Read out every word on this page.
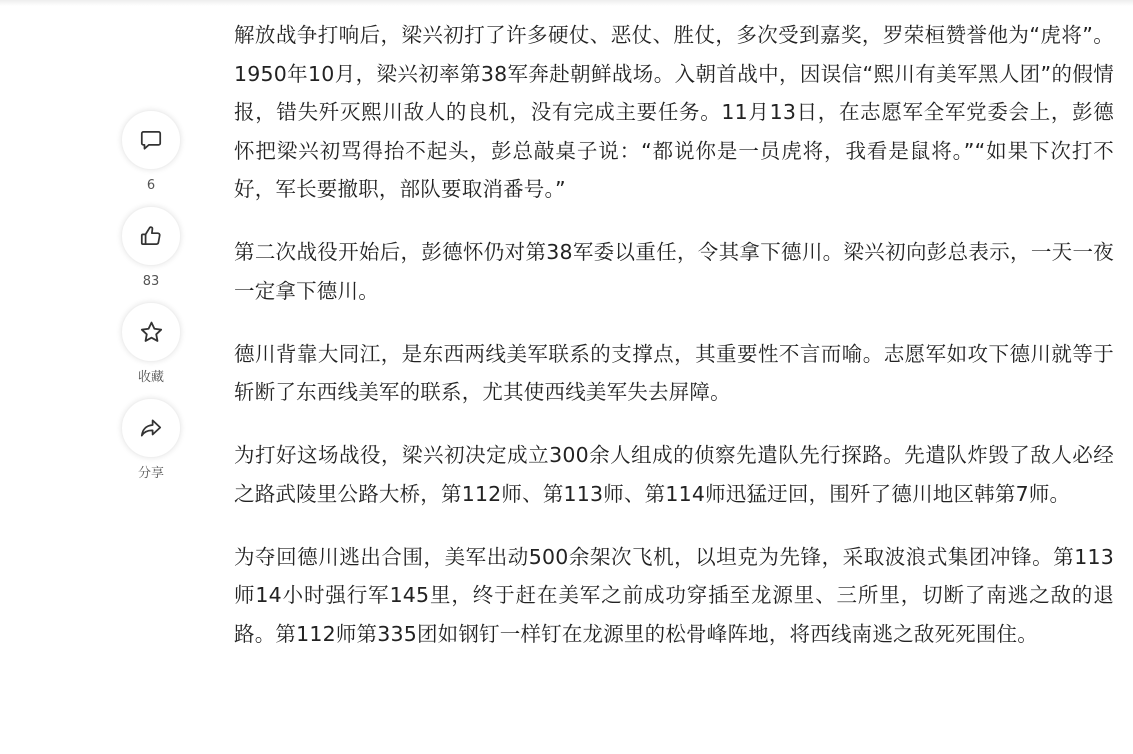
6
83
收藏
分享

解放战争打响后，梁兴初打了许多硬仗、恶仗、胜仗，多次受到嘉奖，罗荣桓赞誉他为“虎将”。1950年10月，梁兴初率第38军奔赴朝鲜战场。入朝首战中，因误信“熙川有美军黑人团”的假情报，错失歼灭熙川敌人的良机，没有完成主要任务。11月13日，在志愿军全军党委会上，彭德怀把梁兴初骂得抬不起头，彭总敲桌子说：“都说你是一员虎将，我看是鼠将。”“如果下次打不好，军长要撤职，部队要取消番号。”

第二次战役开始后，彭德怀仍对第38军委以重任，令其拿下德川。梁兴初向彭总表示，一天一夜一定拿下德川。

德川背靠大同江，是东西两线美军联系的支撑点，其重要性不言而喻。志愿军如攻下德川就等于斩断了东西线美军的联系，尤其使西线美军失去屏障。

为打好这场战役，梁兴初决定成立300余人组成的侦察先遣队先行探路。先遣队炸毁了敌人必经之路武陵里公路大桥，第112师、第113师、第114师迅猛迂回，围歼了德川地区韩第7师。

为夺回德川逃出合围，美军出动500余架次飞机，以坦克为先锋，采取波浪式集团冲锋。第113师14小时强行军145里，终于赶在美军之前成功穿插至龙源里、三所里，切断了南逃之敌的退路。第112师第335团如钢钉一样钉在龙源里的松骨峰阵地，将西线南逃之敌死死围住。
